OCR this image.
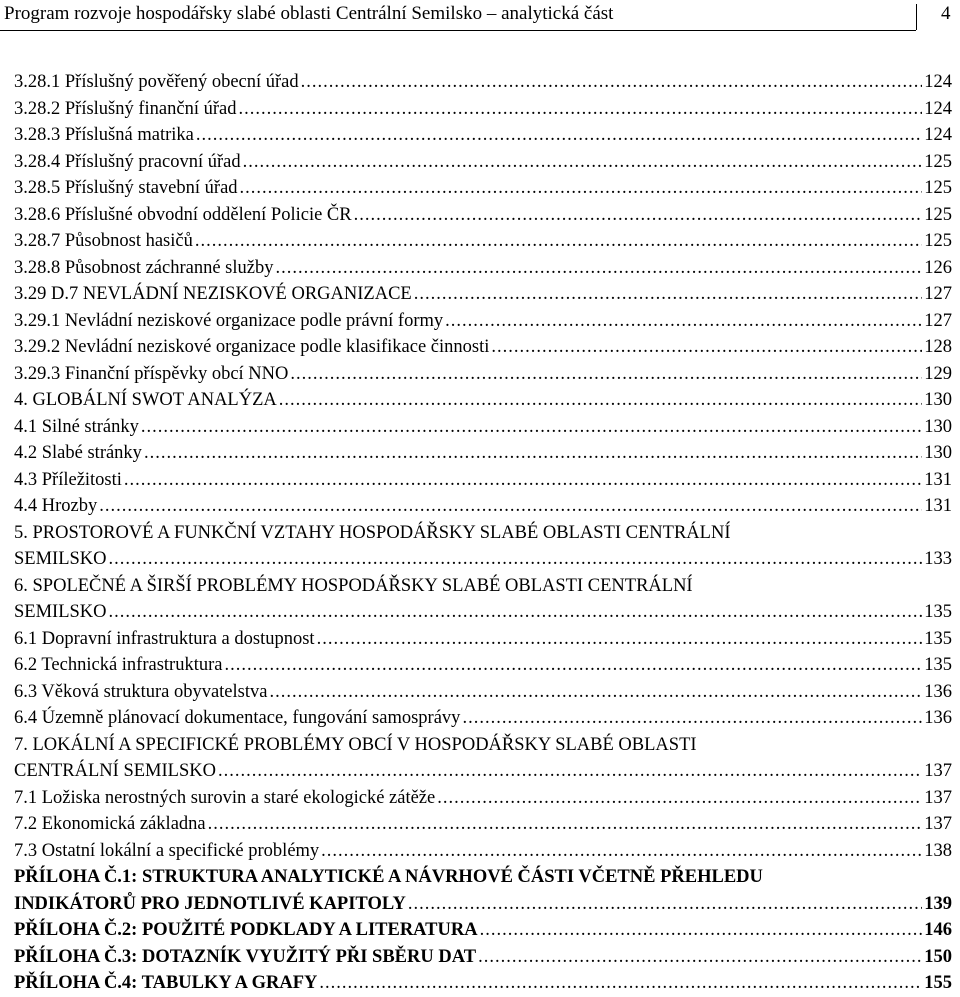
Program rozvoje hospodářsky slabé oblasti Centrální Semilsko – analytická část	4
3.28.1 Příslušný pověřený obecní úřad .....	124
3.28.2 Příslušný finanční úřad .....	124
3.28.3 Příslušná matrika .....	124
3.28.4 Příslušný pracovní úřad .....	125
3.28.5 Příslušný stavební úřad .....	125
3.28.6 Příslušné obvodní oddělení Policie ČR .....	125
3.28.7 Působnost hasičů .....	125
3.28.8 Působnost záchranné služby .....	126
3.29 D.7 NEVLÁDNÍ NEZISKOVÉ ORGANIZACE .....	127
3.29.1 Nevládní neziskové organizace podle právní formy .....	127
3.29.2 Nevládní neziskové organizace podle klasifikace činnosti .....	128
3.29.3 Finanční příspěvky obcí NNO .....	129
4. GLOBÁLNÍ SWOT ANALÝZA .....	130
4.1 Silné stránky .....	130
4.2 Slabé stránky .....	130
4.3 Příležitosti .....	131
4.4 Hrozby .....	131
5. PROSTOROVÉ A FUNKČNÍ VZTAHY HOSPODÁŘSKY SLABÉ OBLASTI CENTRÁLNÍ
SEMILSKO .....	133
6. SPOLEČNÉ A ŠIRŠÍ PROBLÉMY HOSPODÁŘSKY SLABÉ OBLASTI CENTRÁLNÍ
SEMILSKO .....	135
6.1 Dopravní infrastruktura a dostupnost .....	135
6.2 Technická infrastruktura .....	135
6.3 Věková struktura obyvatelstva .....	136
6.4 Územně plánovací dokumentace, fungování samosprávy .....	136
7. LOKÁLNÍ A SPECIFICKÉ PROBLÉMY OBCÍ V HOSPODÁŘSKY SLABÉ OBLASTI
CENTRÁLNÍ SEMILSKO .....	137
7.1 Ložiska nerostných surovin a staré ekologické zátěže .....	137
7.2 Ekonomická základna .....	137
7.3 Ostatní lokální a specifické problémy .....	138
PŘÍLOHA Č.1: STRUKTURA ANALYTICKÉ A NÁVRHOVÉ ČÁSTI VČETNĚ PŘEHLEDU
INDIKÁTORŮ PRO JEDNOTLIVÉ KAPITOLY .....	139
PŘÍLOHA Č.2: POUŽITÉ PODKLADY A LITERATURA .....	146
PŘÍLOHA Č.3: DOTAZNÍK VYUŽITÝ PŘI SBĚRU DAT .....	150
PŘÍLOHA Č.4: TABULKY A GRAFY .....	155
